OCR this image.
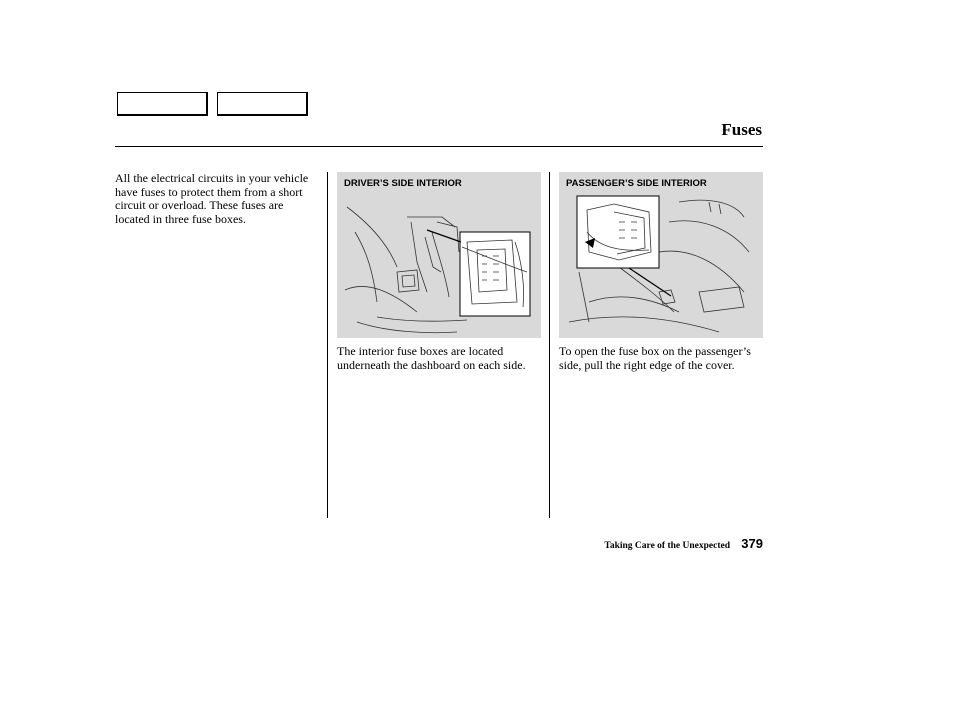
Fuses
All the electrical circuits in your vehicle have fuses to protect them from a short circuit or overload. These fuses are located in three fuse boxes.
DRIVER’S SIDE INTERIOR
The interior fuse boxes are located underneath the dashboard on each side.
PASSENGER’S SIDE INTERIOR
To open the fuse box on the passenger’s side, pull the right edge of the cover.
Taking Care of the Unexpected 379
